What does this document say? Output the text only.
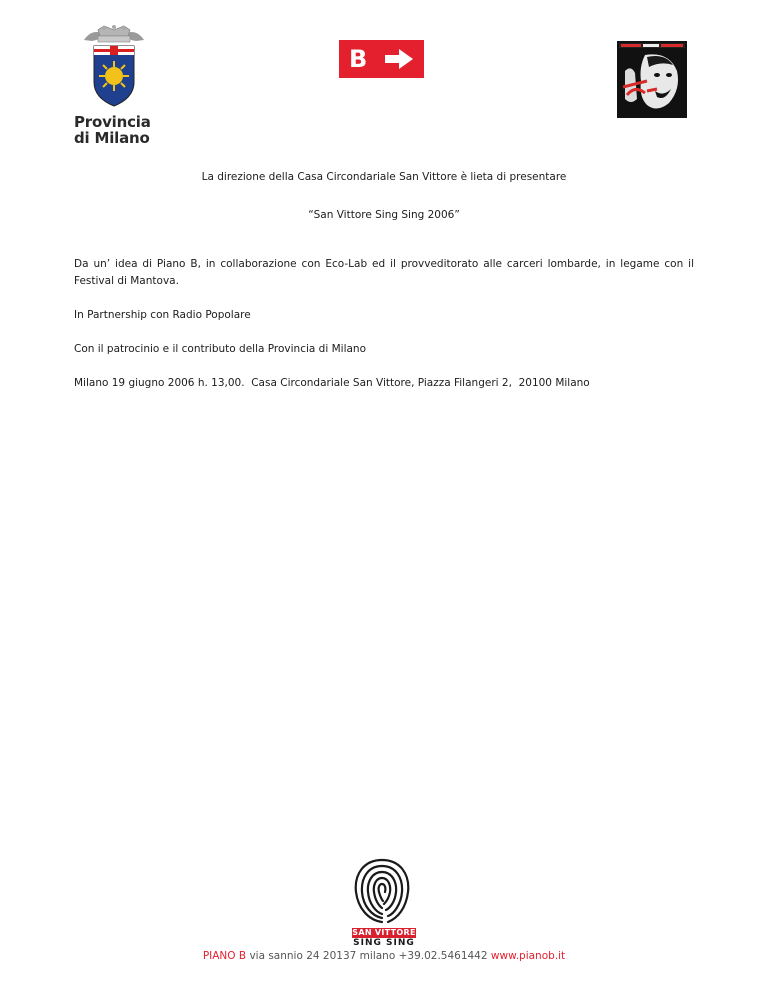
Provincia
di Milano
B

La direzione della Casa Circondariale San Vittore è lieta di presentare

“San Vittore Sing Sing 2006”

Da un’ idea di Piano B, in collaborazione con Eco-Lab ed il provveditorato alle carceri lombarde, in legame con il Festival di Mantova.

In Partnership con Radio Popolare

Con il patrocinio e il contributo della Provincia di Milano

Milano 19 giugno 2006 h. 13,00.  Casa Circondariale San Vittore, Piazza Filangeri 2,  20100 Milano

SAN VITTORE
SING SING
PIANO B via sannio 24 20137 milano +39.02.5461442 www.pianob.it
